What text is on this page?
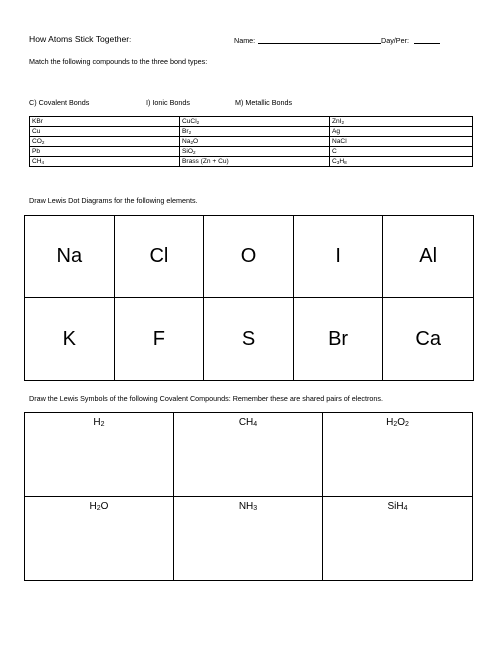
How Atoms Stick Together:	Name:	Day/Per:
Match the following compounds to the three bond types:
C) Covalent Bonds	I) Ionic Bonds	M) Metallic Bonds
KBr	CuCl$_2$	ZnI$_2$
Cu	$Br_2$	Ag
$CO_2$	$Na_2O$	NaCl
Pb	SiO$_2$	C
$CH_4$	Brass (Zn + Cu)	$C_3H_8$
Draw Lewis Dot Diagrams for the following elements.
Na	Cl	O	I	Al
K	F	S	Br	Ca
Draw the Lewis Symbols of the following Covalent Compounds: Remember these are shared pairs of electrons.
$H_2$	$CH_4$	$H_2O_2$
$H_2O$	$NH_3$	SiH$_4$
